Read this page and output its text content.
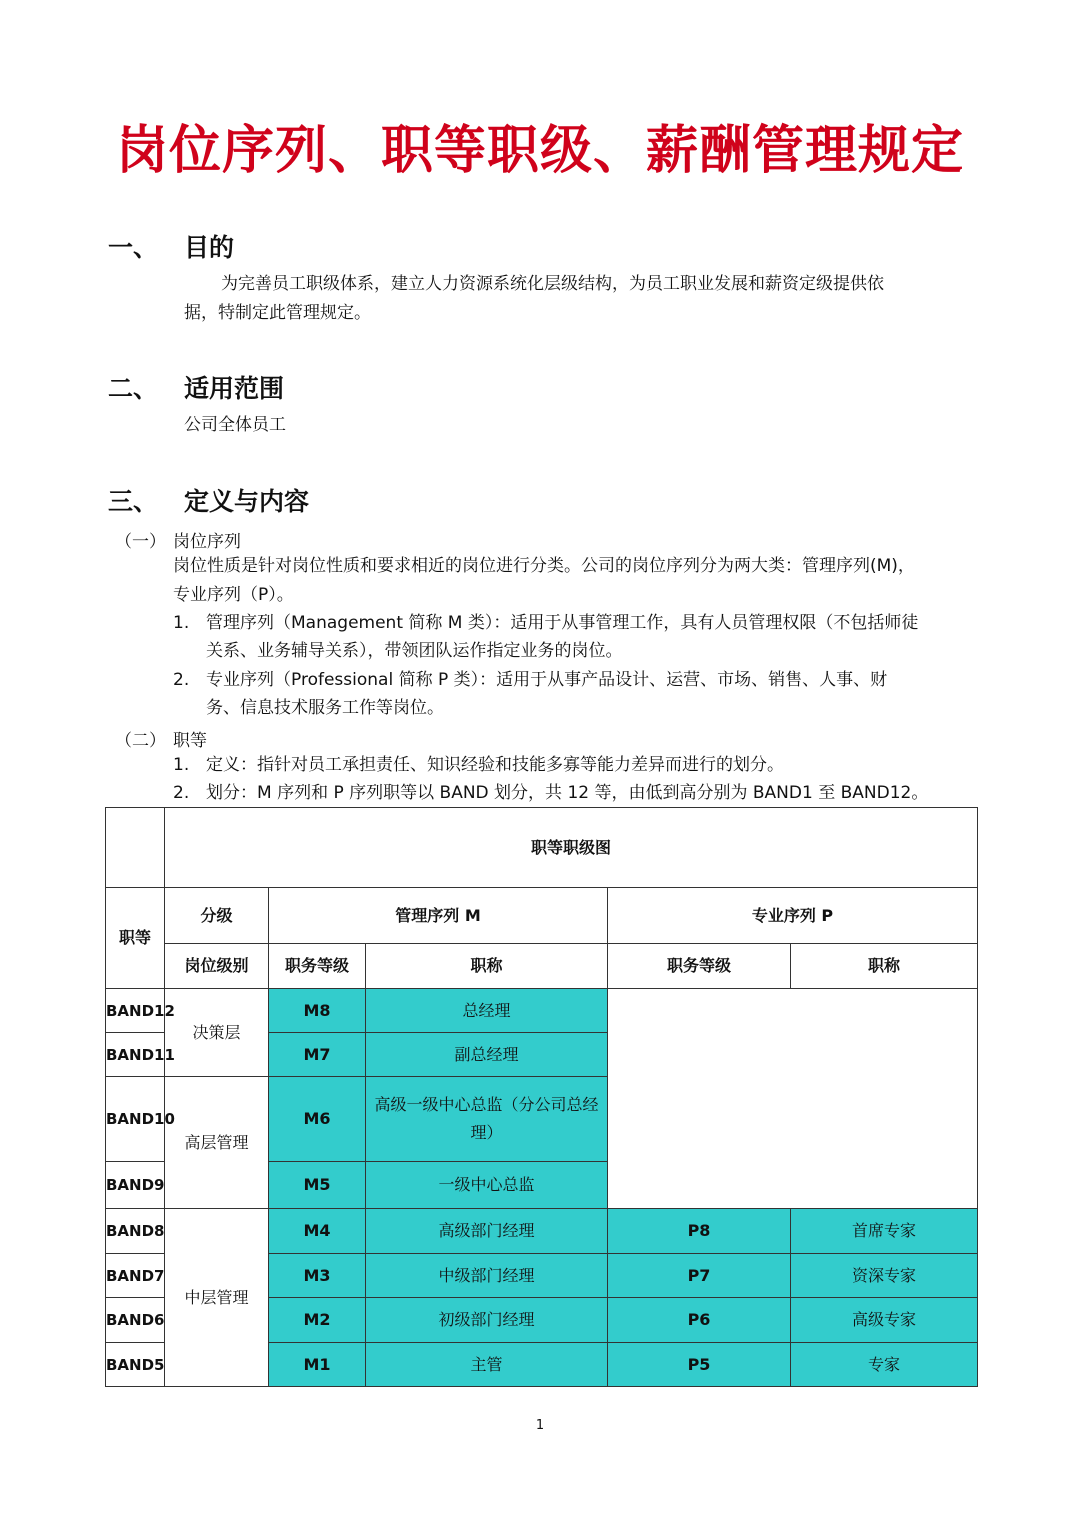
岗位序列、职等职级、薪酬管理规定
一、 目的
为完善员工职级体系，建立人力资源系统化层级结构，为员工职业发展和薪资定级提供依
据，特制定此管理规定。
二、 适用范围
公司全体员工
三、 定义与内容
（一） 岗位序列
岗位性质是针对岗位性质和要求相近的岗位进行分类。公司的岗位序列分为两大类：管理序列(M)，
专业序列（P）。
1. 管理序列（Management 简称 M 类）：适用于从事管理工作，具有人员管理权限（不包括师徒
关系、业务辅导关系），带领团队运作指定业务的岗位。
2. 专业序列（Professional 简称 P 类）：适用于从事产品设计、运营、市场、销售、人事、财
务、信息技术服务工作等岗位。
（二） 职等
1. 定义：指针对员工承担责任、知识经验和技能多寡等能力差异而进行的划分。
2. 划分：M 序列和 P 序列职等以 BAND 划分，共 12 等，由低到高分别为 BAND1 至 BAND12。
	职等职级图				
职等	分级	管理序列 M		专业序列 P	
	岗位级别	职务等级	职称	职务等级	职称
BAND12	决策层	M8	总经理		
BAND11		M7	副总经理		
BAND10	高层管理	M6	高级一级中心总监（分公司总经理）		
BAND9		M5	一级中心总监		
BAND8	中层管理	M4	高级部门经理	P8	首席专家
BAND7		M3	中级部门经理	P7	资深专家
BAND6		M2	初级部门经理	P6	高级专家
BAND5		M1	主管	P5	专家
1
